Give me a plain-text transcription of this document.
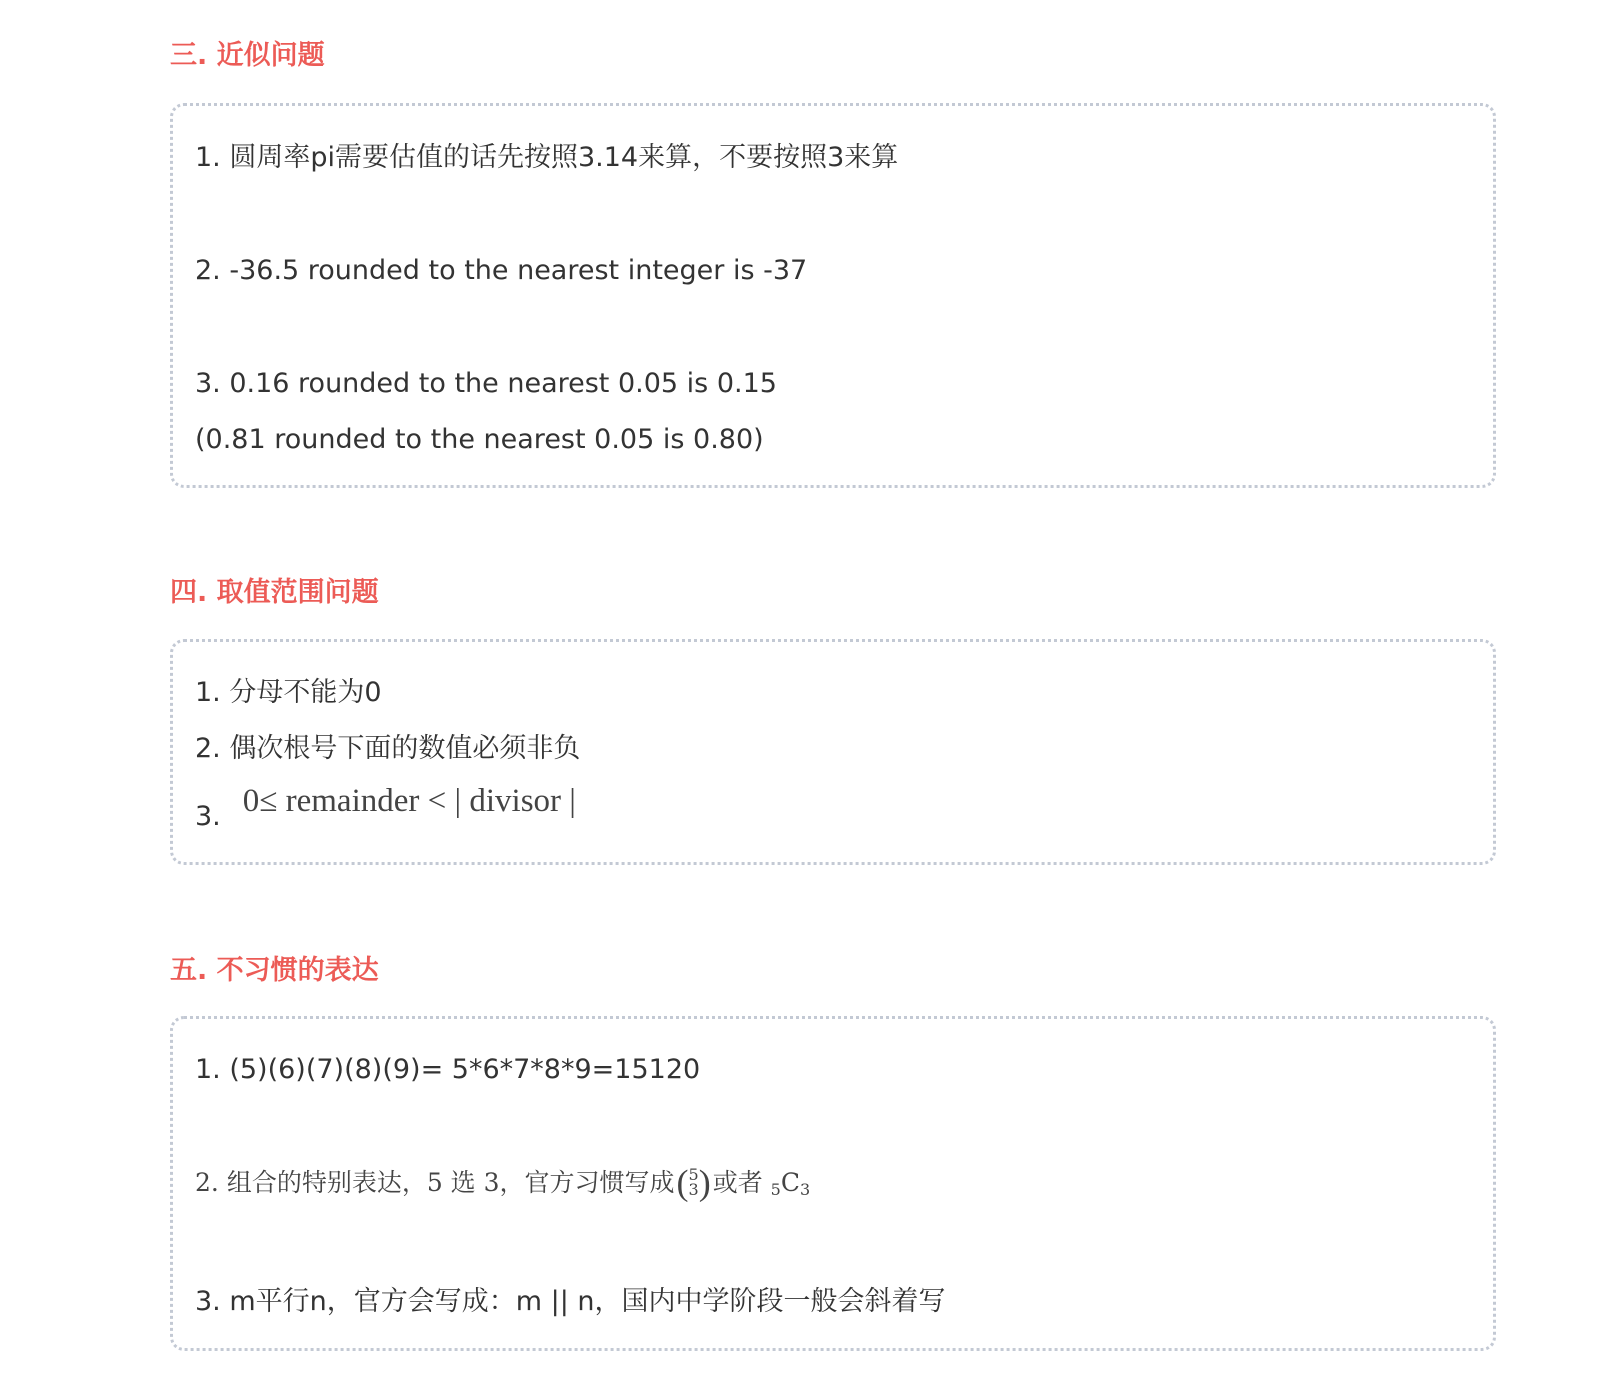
三. 近似问题

1. 圆周率pi需要估值的话先按照3.14来算，不要按照3来算

2. -36.5 rounded to the nearest integer is -37

3. 0.16 rounded to the nearest 0.05 is 0.15

(0.81 rounded to the nearest 0.05 is 0.80)

四. 取值范围问题

1. 分母不能为0

2. 偶次根号下面的数值必须非负

3. 0≤ remainder < | divisor |

五. 不习惯的表达

1. (5)(6)(7)(8)(9)= 5*6*7*8*9=15120

2. 组合的特别表达，5 选 3，官方习惯写成( 5
3 )或者 5C3

3. m平行n，官方会写成：m || n，国内中学阶段一般会斜着写
